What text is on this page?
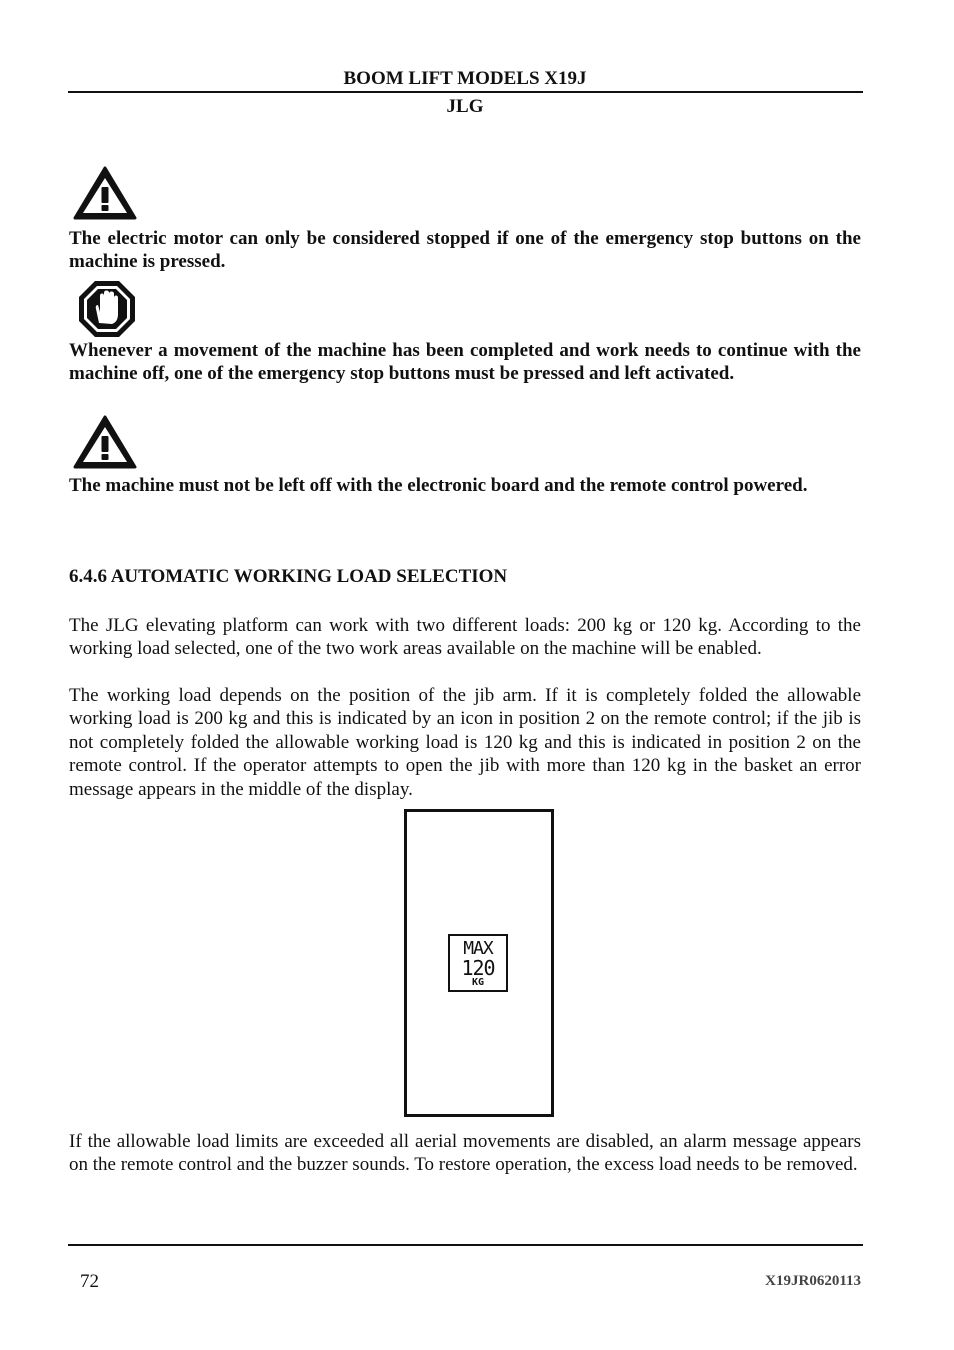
BOOM LIFT MODELS X19J
JLG
The electric motor can only be considered stopped if one of the emergency stop buttons on the machine is pressed.
Whenever a movement of the machine has been completed and work needs to continue with the machine off, one of the emergency stop buttons must be pressed and left activated.
The machine must not be left off with the electronic board and the remote control powered.
6.4.6 AUTOMATIC WORKING LOAD SELECTION
The JLG elevating platform can work with two different loads: 200 kg or 120 kg. According to the working load selected, one of the two work areas available on the machine will be enabled.
The working load depends on the position of the jib arm. If it is completely folded the allowable working load is 200 kg and this is indicated by an icon in position 2 on the remote control; if the jib is not completely folded the allowable working load is 120 kg and this is indicated in position 2 on the remote control. If the operator attempts to open the jib with more than 120 kg in the basket an error message appears in the middle of the display.
MAX
120
KG
If the allowable load limits are exceeded all aerial movements are disabled, an alarm message appears on the remote control and the buzzer sounds. To restore operation, the excess load needs to be removed.
72	X19JR0620113
